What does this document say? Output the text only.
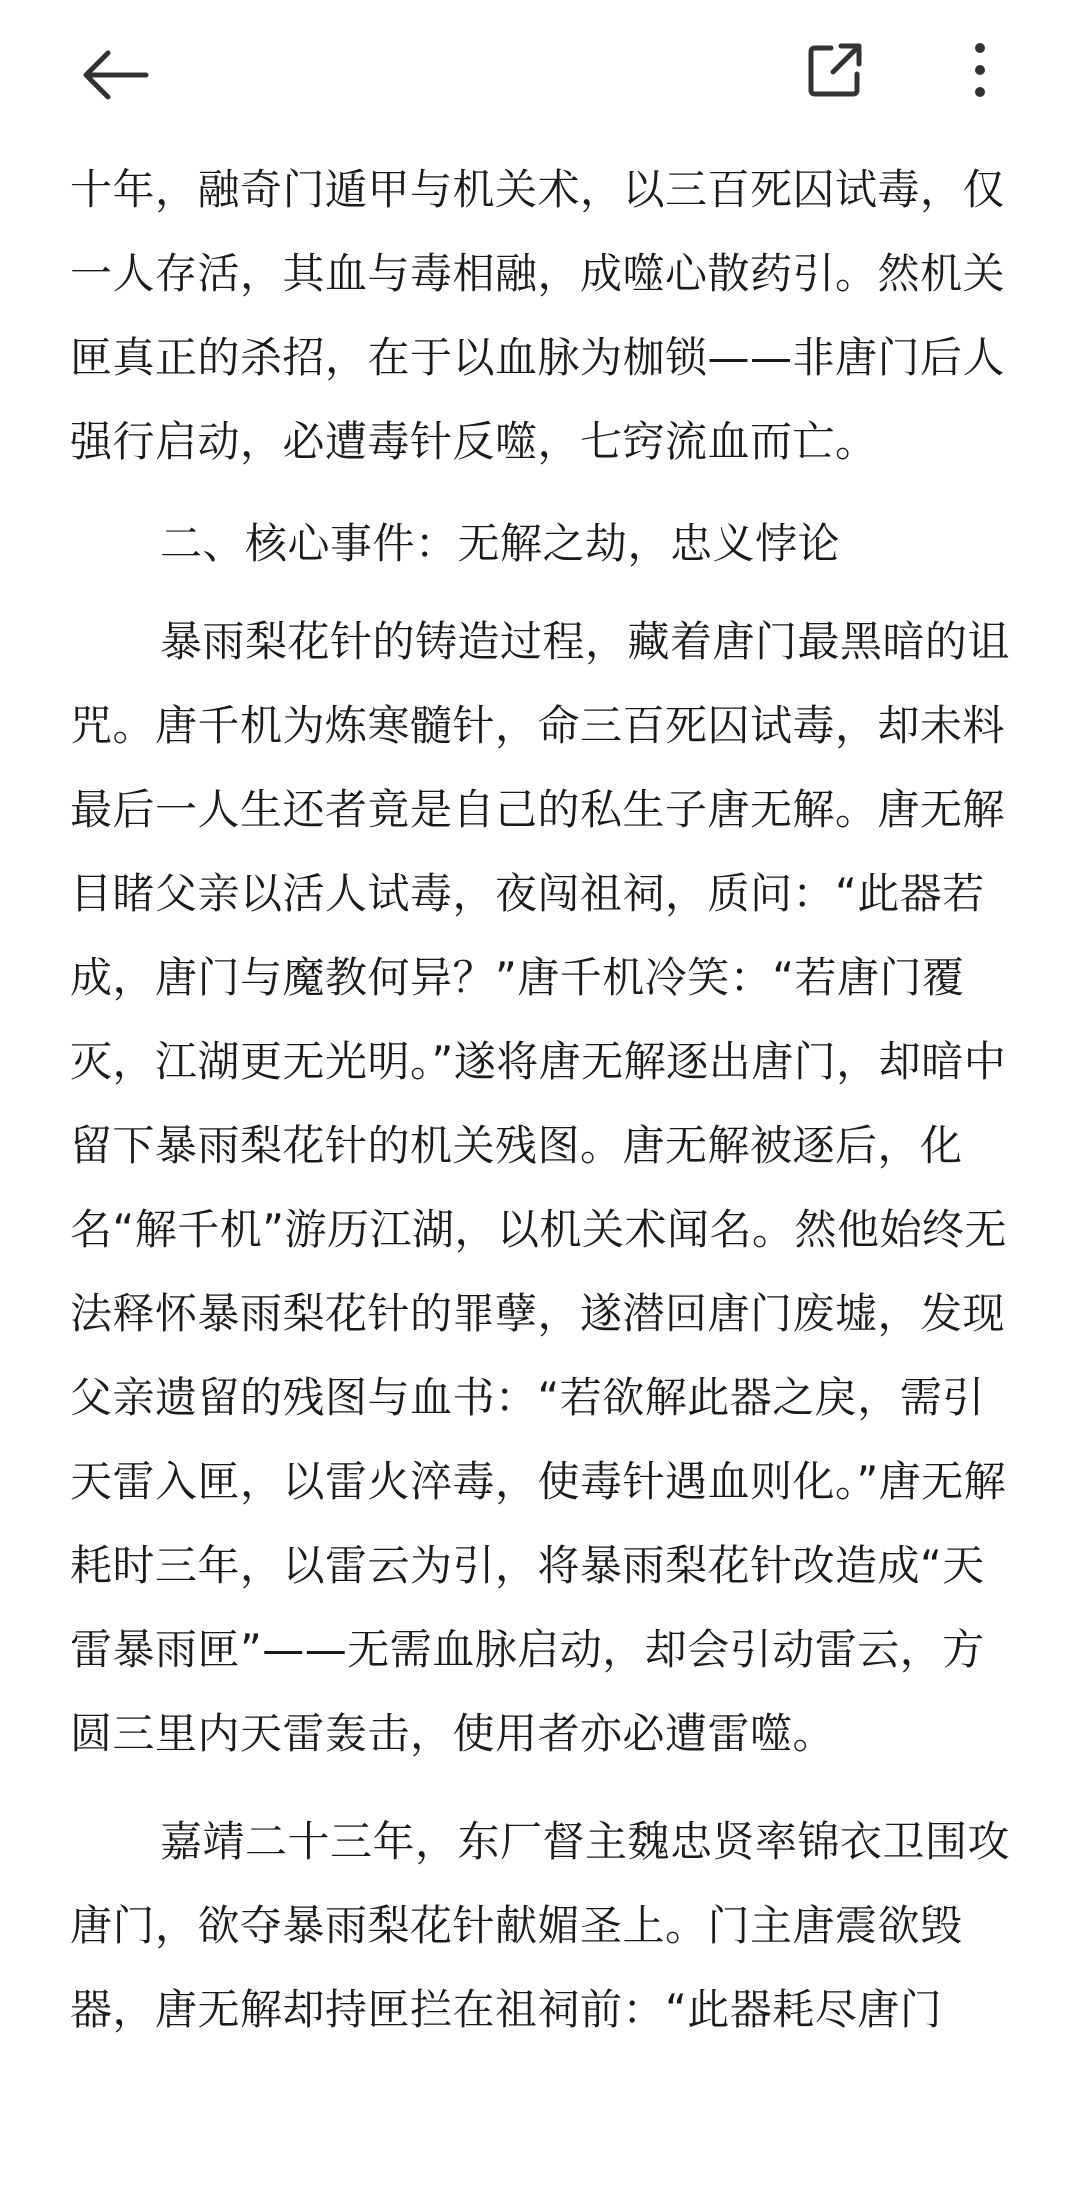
十年，融奇门遁甲与机关术，以三百死囚试毒，仅一人存活，其血与毒相融，成噬心散药引。然机关匣真正的杀招，在于以血脉为枷锁——非唐门后人强行启动，必遭毒针反噬，七窍流血而亡。

二、核心事件：无解之劫，忠义悖论

暴雨梨花针的铸造过程，藏着唐门最黑暗的诅咒。唐千机为炼寒髓针，命三百死囚试毒，却未料最后一人生还者竟是自己的私生子唐无解。唐无解目睹父亲以活人试毒，夜闯祖祠，质问：“此器若成，唐门与魔教何异？”唐千机冷笑：“若唐门覆灭，江湖更无光明。”遂将唐无解逐出唐门，却暗中留下暴雨梨花针的机关残图。唐无解被逐后，化名“解千机”游历江湖，以机关术闻名。然他始终无法释怀暴雨梨花针的罪孽，遂潜回唐门废墟，发现父亲遗留的残图与血书：“若欲解此器之戾，需引天雷入匣，以雷火淬毒，使毒针遇血则化。”唐无解耗时三年，以雷云为引，将暴雨梨花针改造成“天雷暴雨匣”——无需血脉启动，却会引动雷云，方圆三里内天雷轰击，使用者亦必遭雷噬。

嘉靖二十三年，东厂督主魏忠贤率锦衣卫围攻唐门，欲夺暴雨梨花针献媚圣上。门主唐震欲毁器，唐无解却持匣拦在祖祠前：“此器耗尽唐门
